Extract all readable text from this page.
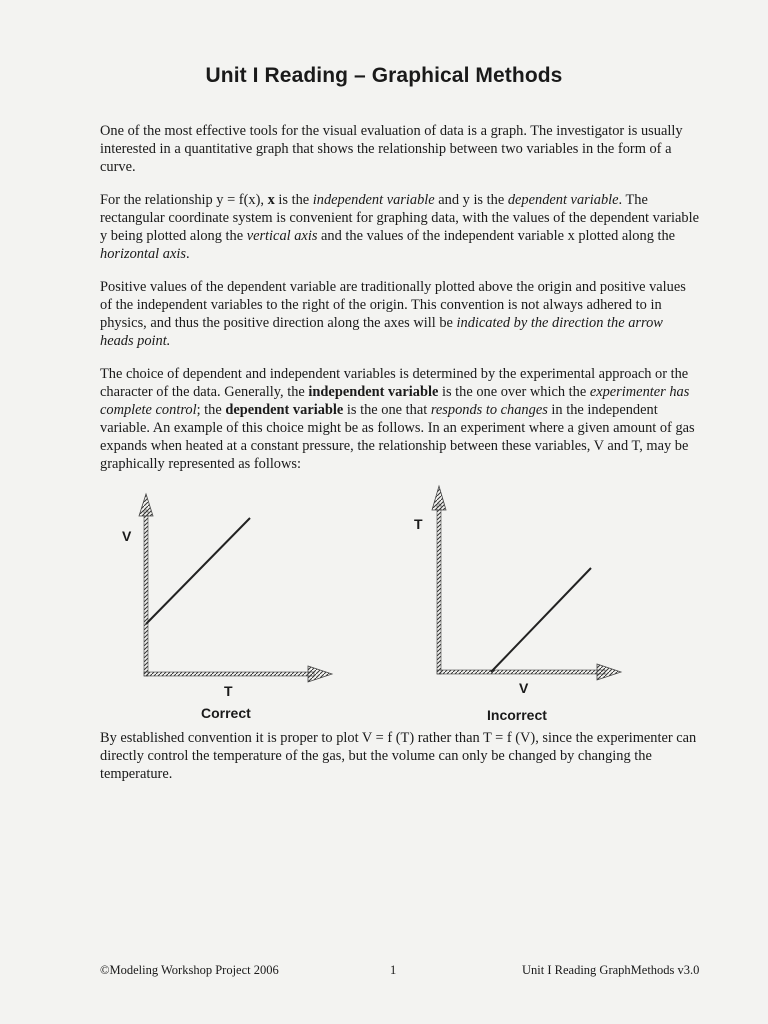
Unit I Reading – Graphical Methods

One of the most effective tools for the visual evaluation of data is a graph. The investigator is usually interested in a quantitative graph that shows the relationship between two variables in the form of a curve.

For the relationship y = f(x), x is the independent variable and y is the dependent variable. The rectangular coordinate system is convenient for graphing data, with the values of the dependent variable y being plotted along the vertical axis and the values of the independent variable x plotted along the horizontal axis.

Positive values of the dependent variable are traditionally plotted above the origin and positive values of the independent variables to the right of the origin. This convention is not always adhered to in physics, and thus the positive direction along the axes will be indicated by the direction the arrow heads point.

The choice of dependent and independent variables is determined by the experimental approach or the character of the data. Generally, the independent variable is the one over which the experimenter has complete control; the dependent variable is the one that responds to changes in the independent variable. An example of this choice might be as follows. In an experiment where a given amount of gas expands when heated at a constant pressure, the relationship between these variables, V and T, may be graphically represented as follows:

V
T
Correct
T
V
Incorrect

By established convention it is proper to plot V = f (T) rather than T = f (V), since the experimenter can directly control the temperature of the gas, but the volume can only be changed by changing the temperature.

©Modeling Workshop Project 2006	1	Unit I Reading GraphMethods v3.0
